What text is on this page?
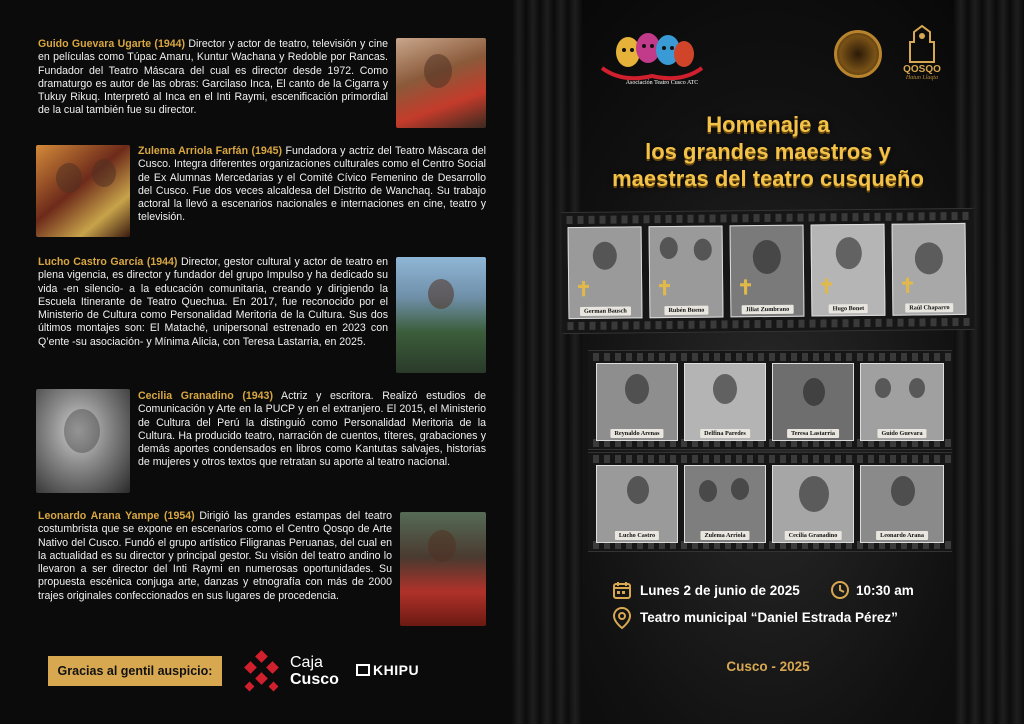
Guido Guevara Ugarte (1944) Director y actor de teatro, televisión y cine en películas como Túpac Amaru, Kuntur Wachana y Redoble por Rancas. Fundador del Teatro Máscara del cual es director desde 1972. Como dramaturgo es autor de las obras: Garcilaso Inca, El canto de la Cigarra y Tukuy Rikuq. Interpretó al Inca en el Inti Raymi, escenificación primordial de la cual también fue su director.
Zulema Arriola Farfán (1945) Fundadora y actriz del Teatro Máscara del Cusco. Integra diferentes organizaciones culturales como el Centro Social de Ex Alumnas Mercedarias y el Comité Cívico Femenino de Desarrollo del Cusco. Fue dos veces alcaldesa del Distrito de Wanchaq. Su trabajo actoral la llevó a escenarios nacionales e internaciones en cine, teatro y televisión.
Lucho Castro García (1944) Director, gestor cultural y actor de teatro en plena vigencia, es director y fundador del grupo Impulso y ha dedicado su vida -en silencio- a la educación comunitaria, creando y dirigiendo la Escuela Itinerante de Teatro Quechua. En 2017, fue reconocido por el Ministerio de Cultura como Personalidad Meritoria de la Cultura. Sus dos últimos montajes son: El Mataché, unipersonal estrenado en 2023 con Q’ente -su asociación- y Mínima Alicia, con Teresa Lastarria, en 2025.
Cecilia Granadino (1943) Actriz y escritora. Realizó estudios de Comunicación y Arte en la PUCP y en el extranjero. El 2015, el Ministerio de Cultura del Perú la distinguió como Personalidad Meritoria de la Cultura. Ha producido teatro, narración de cuentos, títeres, grabaciones y demás aportes condensados en libros como Kantutas salvajes, historias de mujeres y otros textos que retratan su aporte al teatro nacional.
Leonardo Arana Yampe (1954) Dirigió las grandes estampas del teatro costumbrista que se expone en escenarios como el Centro Qosqo de Arte Nativo del Cusco. Fundó el grupo artístico Filigranas Peruanas, del cual en la actualidad es su director y principal gestor. Su visión del teatro andino lo llevaron a ser director del Inti Raymi en numerosas oportunidades. Su propuesta escénica conjuga arte, danzas y etnografía con más de 2000 trajes originales confeccionados en sus lugares de procedencia.
Gracias al gentil auspicio:	Caja
Cusco
KHIPU
Asociación Teatro Cusco ATC
QOSQO
Hatun Llaqta
Homenaje a
los grandes maestros y
maestras del teatro cusqueño
✝
German Bausch
✝
Rubén Bueno
✝
Jiliat Zumbrano
✝
Hugo Bonet
✝
Raúl Chaparro
Reynaldo Arenas	Delfina Paredes	Teresa Lastarria	Guido Guevara
Lucho Castro	Zulema Arriola	Cecilia Granadino	Leonardo Arana
Lunes 2 de junio de 2025	10:30 am
Teatro municipal “Daniel Estrada Pérez”
Cusco - 2025
